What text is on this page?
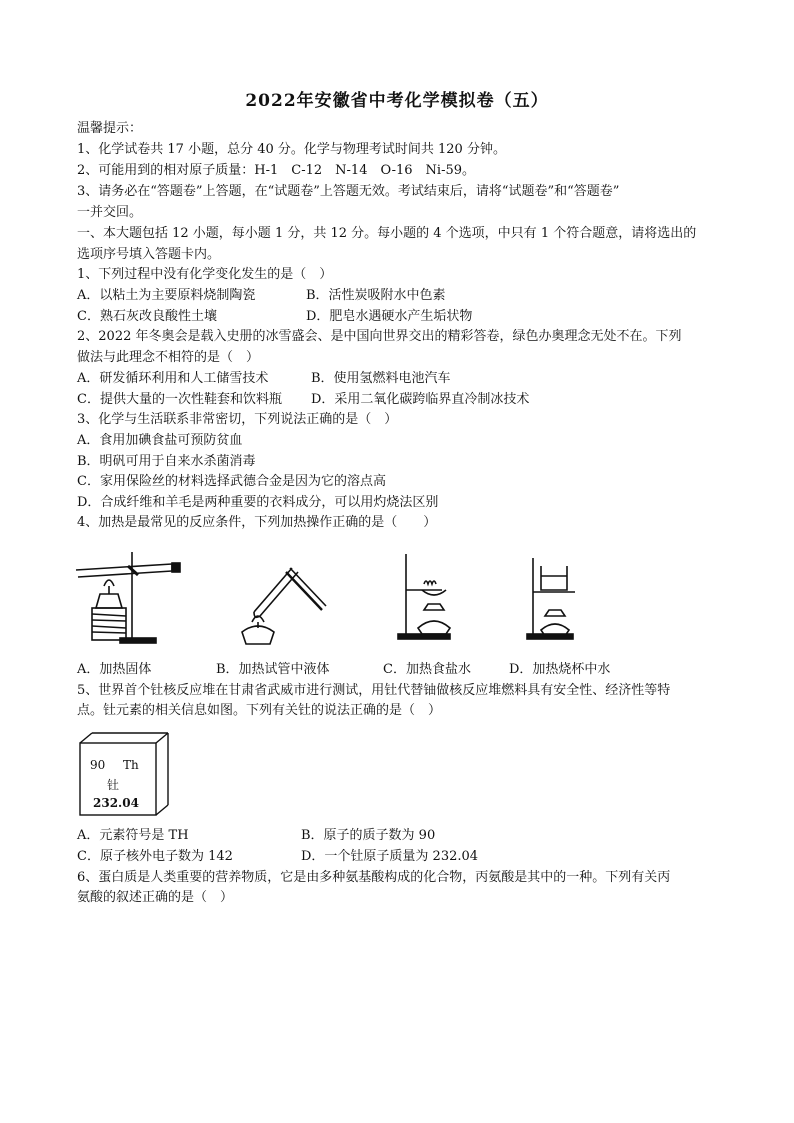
2022年安徽省中考化学模拟卷（五）
温馨提示：
1、化学试卷共 17 小题，总分 40 分。化学与物理考试时间共 120 分钟。
2、可能用到的相对原子质量：H-1　C-12　N-14　O-16　Ni-59。
3、请务必在“答题卷”上答题，在“试题卷”上答题无效。考试结束后，请将“试题卷”和“答题卷”
一并交回。
一、本大题包括 12 小题，每小题 1 分，共 12 分。每小题的 4 个选项，中只有 1 个符合题意，请将选出的
选项序号填入答题卡内。
1、下列过程中没有化学变化发生的是（　）
A．以粘土为主要原料烧制陶瓷	B．活性炭吸附水中色素
C．熟石灰改良酸性土壤	D．肥皂水遇硬水产生垢状物
2、2022 年冬奥会是载入史册的冰雪盛会、是中国向世界交出的精彩答卷，绿色办奥理念无处不在。下列
做法与此理念不相符的是（　）
A．研发循环利用和人工储雪技术	B．使用氢燃料电池汽车
C．提供大量的一次性鞋套和饮料瓶 D．采用二氧化碳跨临界直冷制冰技术
3、化学与生活联系非常密切，下列说法正确的是（　）
A．食用加碘食盐可预防贫血
B．明矾可用于自来水杀菌消毒
C．家用保险丝的材料选择武德合金是因为它的溶点高
D．合成纤维和羊毛是两种重要的衣料成分，可以用灼烧法区别
4、加热是最常见的反应条件，下列加热操作正确的是（　　）
A．加热固体	B．加热试管中液体	C．加热食盐水	D．加热烧杯中水
5、世界首个钍核反应堆在甘肃省武威市进行测试，用钍代替铀做核反应堆燃料具有安全性、经济性等特
点。钍元素的相关信息如图。下列有关钍的说法正确的是（　）
90 Th
钍
232.04
A．元素符号是 TH	B．原子的质子数为 90
C．原子核外电子数为 142	D．一个钍原子质量为 232.04
6、蛋白质是人类重要的营养物质，它是由多种氨基酸构成的化合物，丙氨酸是其中的一种。下列有关丙
氨酸的叙述正确的是（　）
